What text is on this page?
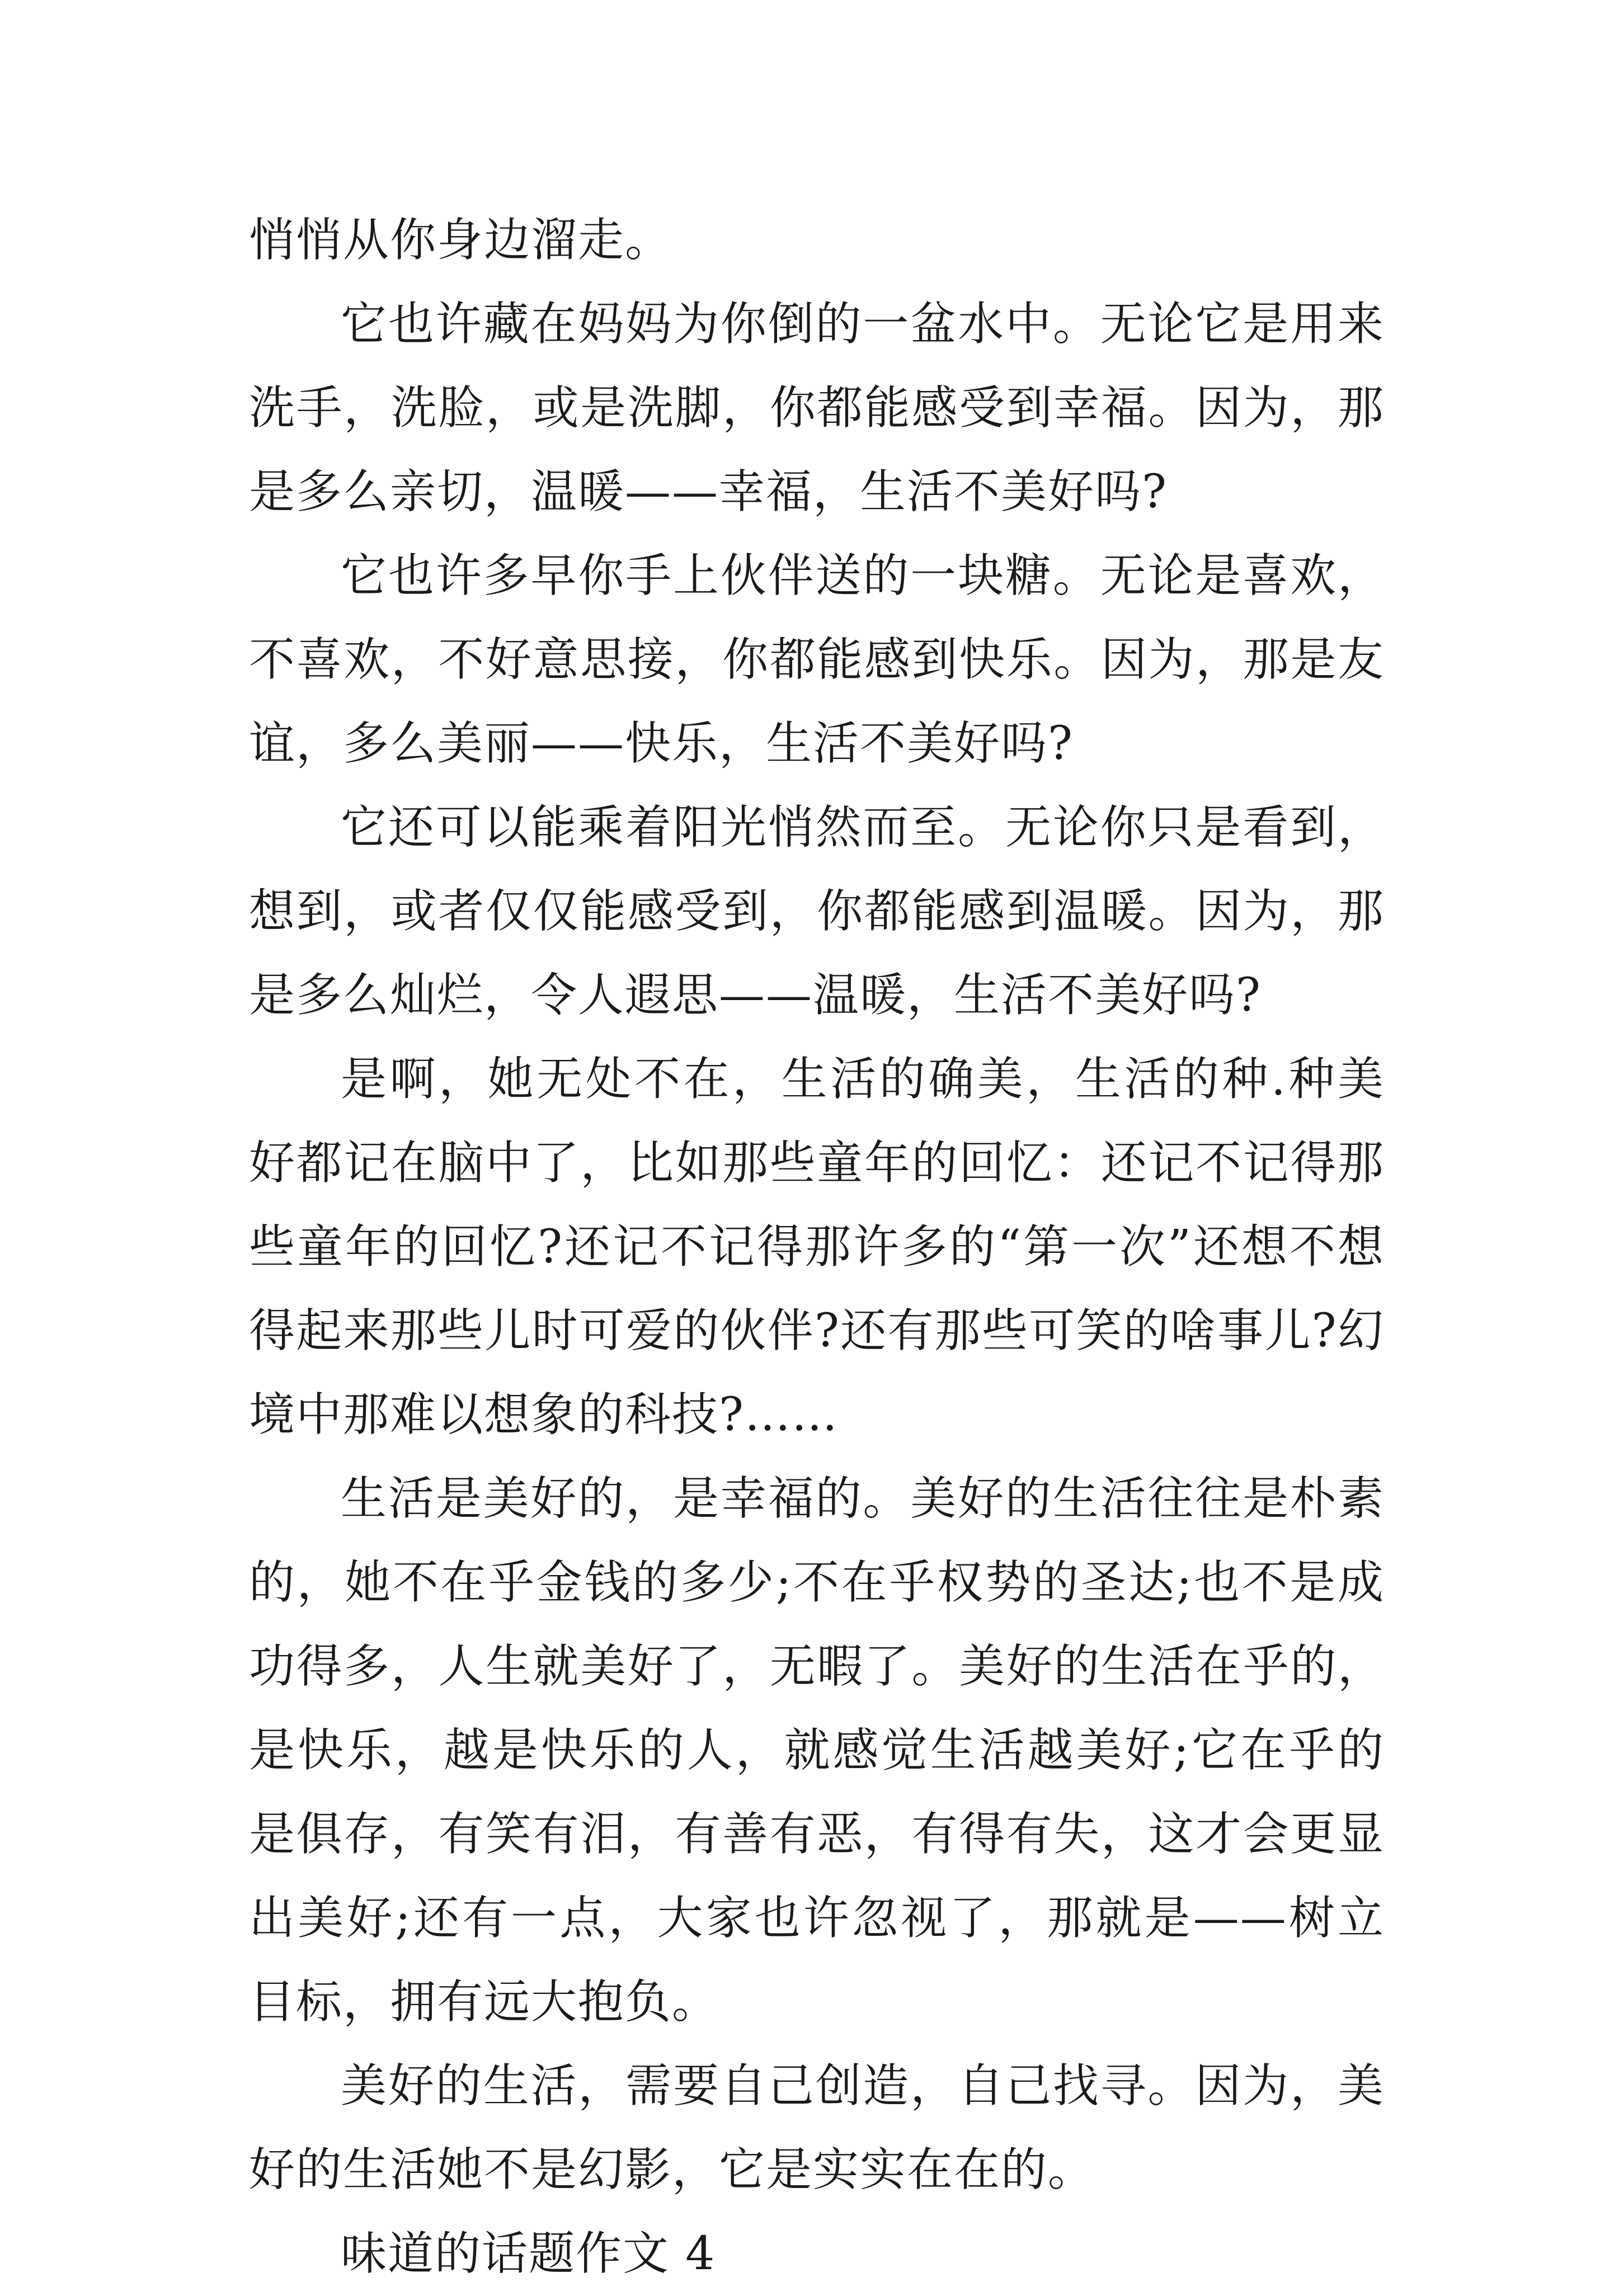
悄悄从你身边溜走。

它也许藏在妈妈为你倒的一盆水中。无论它是用来洗手，洗脸，或是洗脚，你都能感受到幸福。因为，那是多么亲切，温暖——幸福，生活不美好吗?

它也许多早你手上伙伴送的一块糖。无论是喜欢，不喜欢，不好意思接，你都能感到快乐。因为，那是友谊，多么美丽——快乐，生活不美好吗?

它还可以能乘着阳光悄然而至。无论你只是看到，想到，或者仅仅能感受到，你都能感到温暖。因为，那是多么灿烂，令人遐思——温暖，生活不美好吗?

是啊，她无处不在，生活的确美，生活的种.种美好都记在脑中了，比如那些童年的回忆：还记不记得那些童年的回忆?还记不记得那许多的“第一次”还想不想得起来那些儿时可爱的伙伴?还有那些可笑的啥事儿?幻境中那难以想象的科技?……

生活是美好的，是幸福的。美好的生活往往是朴素的，她不在乎金钱的多少;不在乎权势的圣达;也不是成功得多，人生就美好了，无暇了。美好的生活在乎的，是快乐，越是快乐的人，就感觉生活越美好;它在乎的是俱存，有笑有泪，有善有恶，有得有失，这才会更显出美好;还有一点，大家也许忽视了，那就是——树立目标，拥有远大抱负。

美好的生活，需要自己创造，自己找寻。因为，美好的生活她不是幻影，它是实实在在的。

味道的话题作文 4
